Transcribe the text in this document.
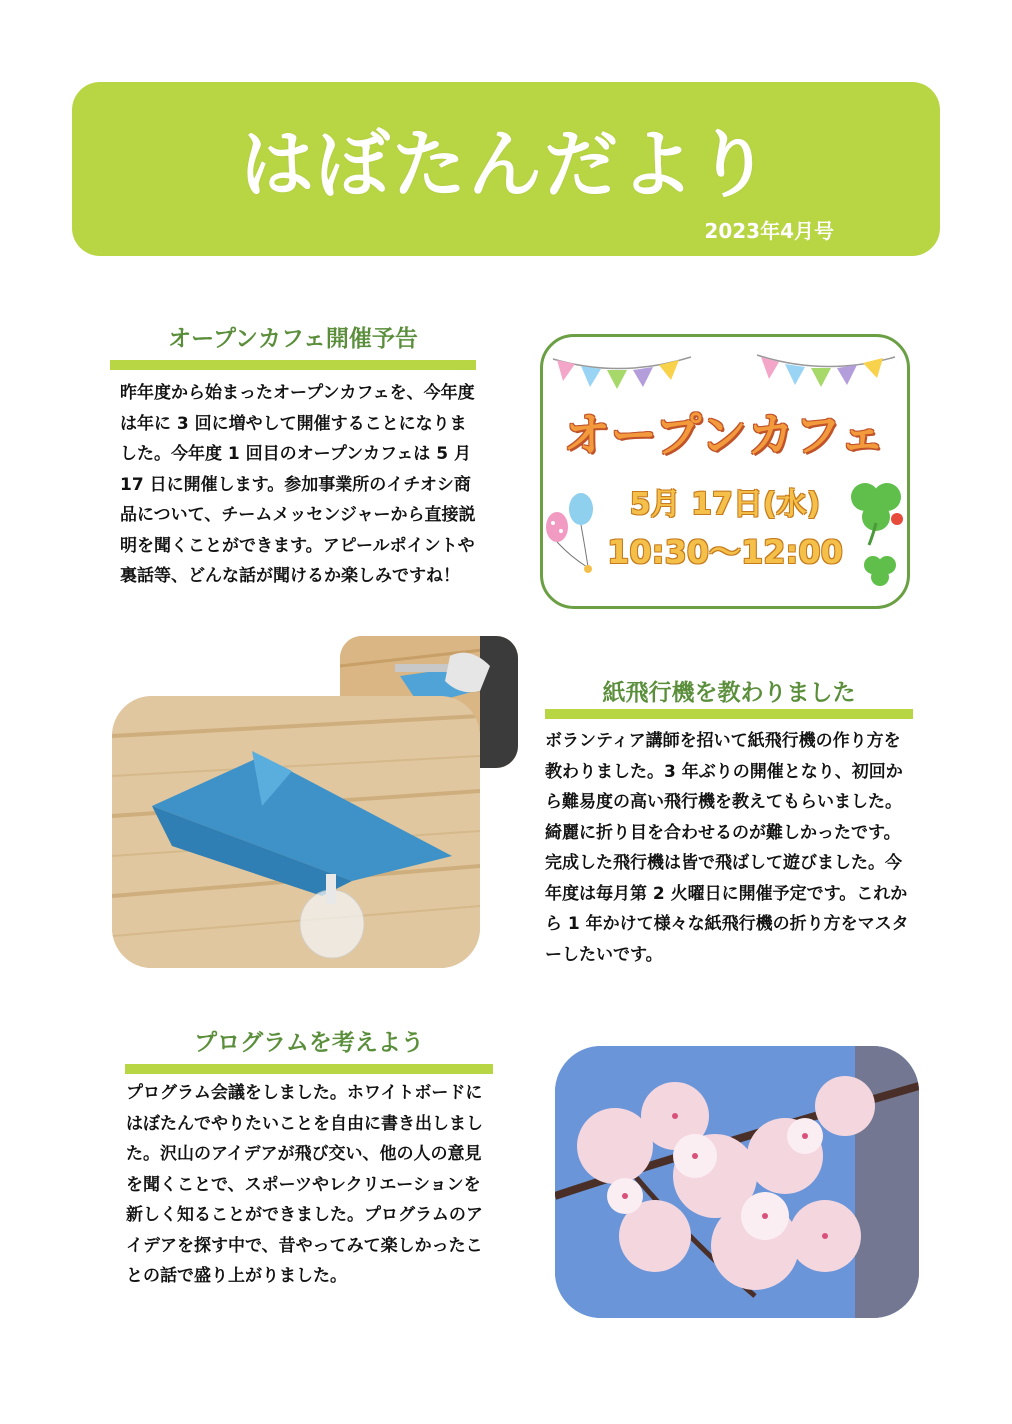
はぼたんだより
2023年4月号
オープンカフェ開催予告
昨年度から始まったオープンカフェを、今年度は年に 3 回に増やして開催することになりました。今年度 1 回目のオープンカフェは 5 月 17 日に開催します。参加事業所のイチオシ商品について、チームメッセンジャーから直接説明を聞くことができます。アピールポイントや裏話等、どんな話が聞けるか楽しみですね！
オープンカフェ
5月 17日(水)
10:30～12:00
紙飛行機を教わりました
ボランティア講師を招いて紙飛行機の作り方を教わりました。3 年ぶりの開催となり、初回から難易度の高い飛行機を教えてもらいました。綺麗に折り目を合わせるのが難しかったです。完成した飛行機は皆で飛ばして遊びました。今年度は毎月第 2 火曜日に開催予定です。これから 1 年かけて様々な紙飛行機の折り方をマスターしたいです。
プログラムを考えよう
プログラム会議をしました。ホワイトボードにはぼたんでやりたいことを自由に書き出しました。沢山のアイデアが飛び交い、他の人の意見を聞くことで、スポーツやレクリエーションを新しく知ることができました。プログラムのアイデアを探す中で、昔やってみて楽しかったことの話で盛り上がりました。
